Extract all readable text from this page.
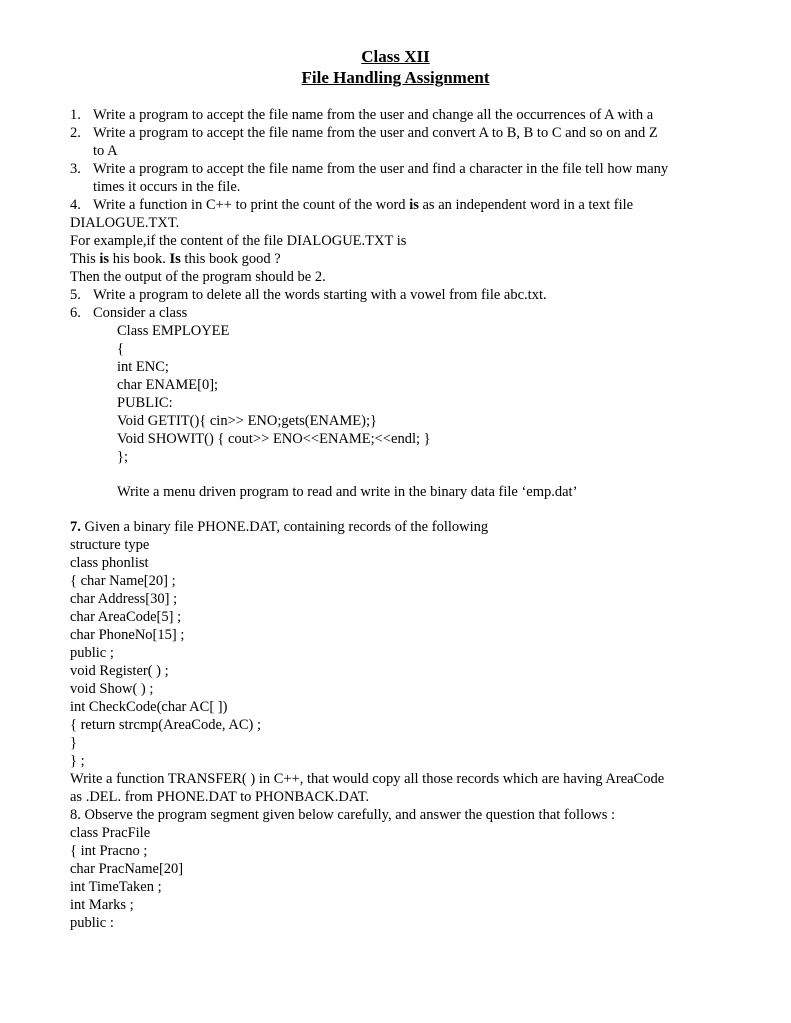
Class XII
File Handling Assignment
1. Write a program to accept the file name from the user and change all the occurrences of A with a
2. Write a program to accept the file name from the user and convert A to B, B to C and so on and Z
to A
3. Write a program to accept the file name from the user and find a character in the file tell how many
times it occurs in the file.
4. Write a function in C++ to print the count of the word is as an independent word in a text file
DIALOGUE.TXT.
For example,if the content of the file DIALOGUE.TXT is
This is his book. Is this book good ?
Then the output of the program should be 2.
5. Write a program to delete all the words starting with a vowel from file abc.txt.
6. Consider a class
Class EMPLOYEE
{
int ENC;
char ENAME[0];
PUBLIC:
Void GETIT(){ cin>> ENO;gets(ENAME);}
Void SHOWIT() { cout>> ENO<<ENAME;<<endl; }
};
Write a menu driven program to read and write in the binary data file ‘emp.dat’
7. Given a binary file PHONE.DAT, containing records of the following
structure type
class phonlist
{ char Name[20] ;
char Address[30] ;
char AreaCode[5] ;
char PhoneNo[15] ;
public ;
void Register( ) ;
void Show( ) ;
int CheckCode(char AC[ ])
{ return strcmp(AreaCode, AC) ;
}
} ;
Write a function TRANSFER( ) in C++, that would copy all those records which are having AreaCode
as .DEL. from PHONE.DAT to PHONBACK.DAT.
8. Observe the program segment given below carefully, and answer the question that follows :
class PracFile
{ int Pracno ;
char PracName[20]
int TimeTaken ;
int Marks ;
public :
